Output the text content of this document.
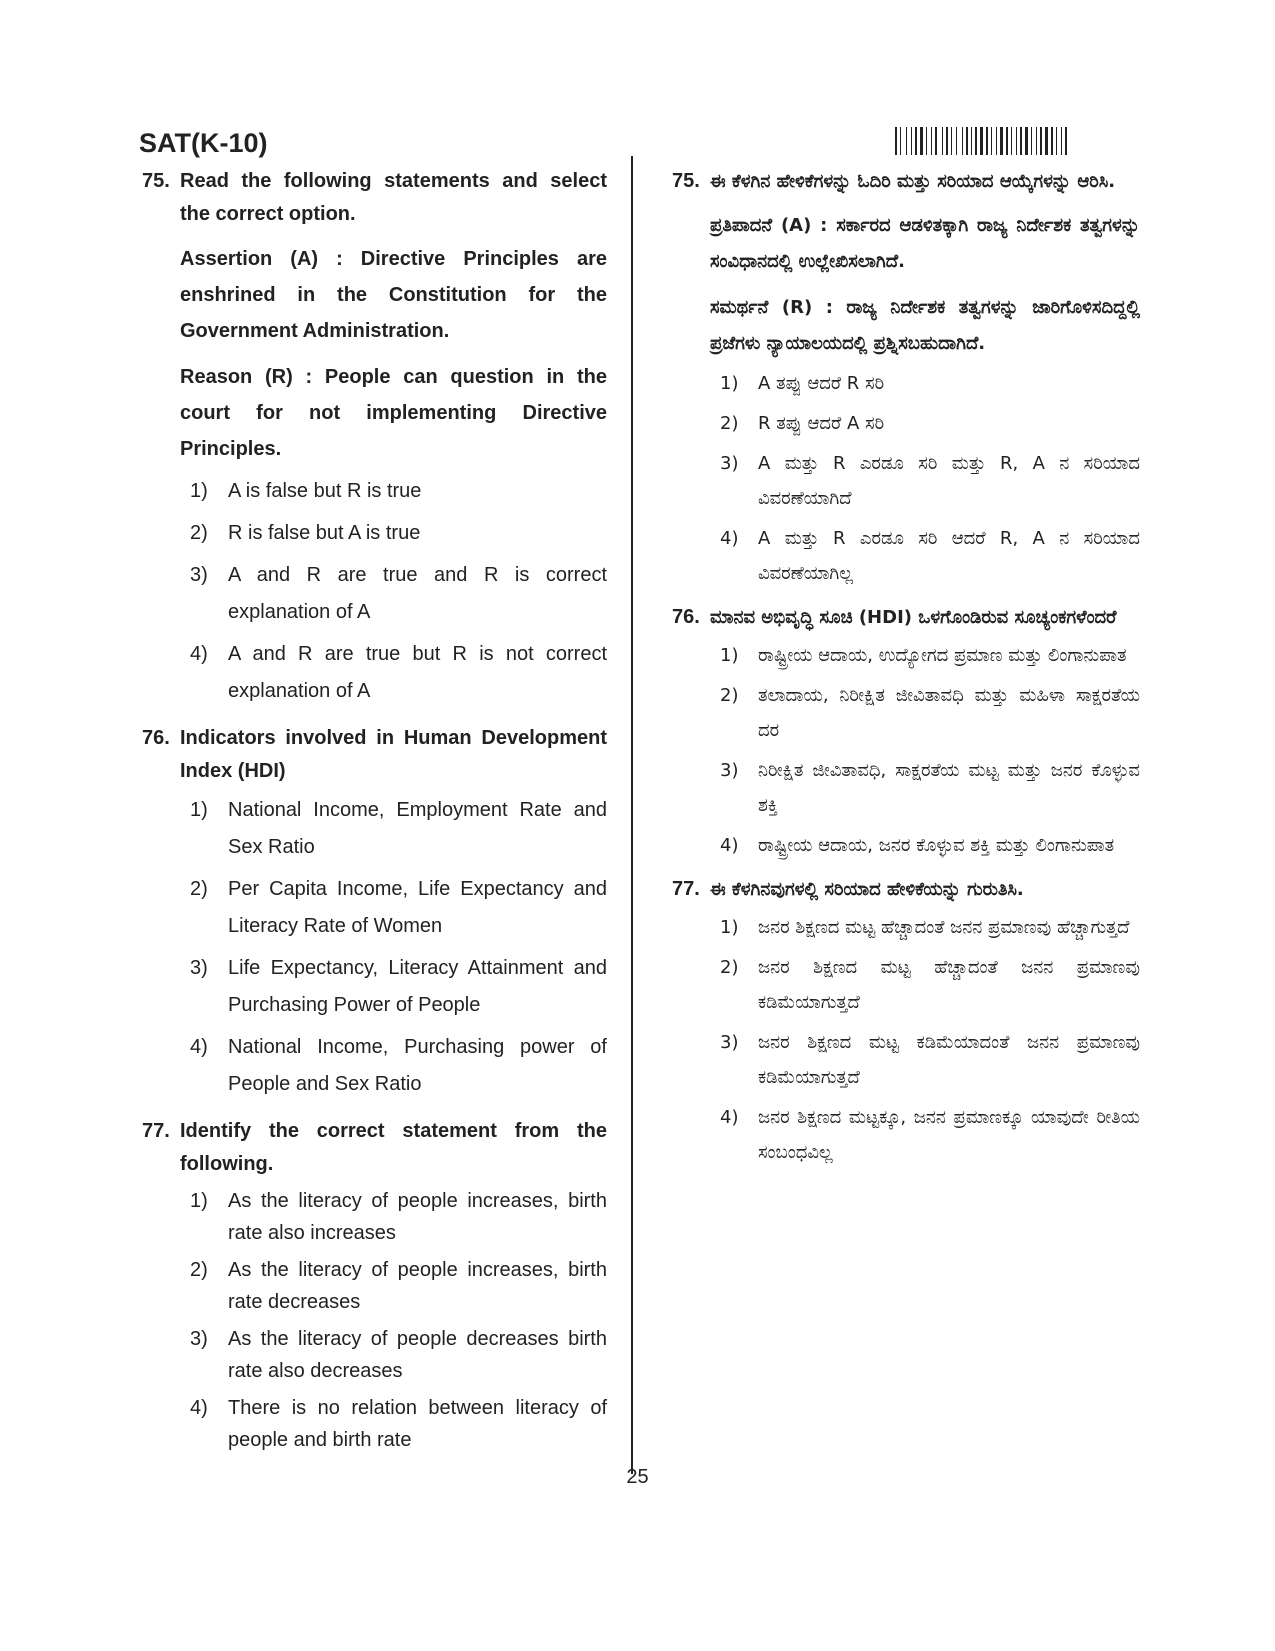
SAT(K-10)
75. Read the following statements and select the correct option.
Assertion (A) : Directive Principles are enshrined in the Constitution for the Government Administration.
Reason (R) : People can question in the court for not implementing Directive Principles.
1) A is false but R is true
2) R is false but A is true
3) A and R are true and R is correct explanation of A
4) A and R are true but R is not correct explanation of A
76. Indicators involved in Human Development Index (HDI)
1) National Income, Employment Rate and Sex Ratio
2) Per Capita Income, Life Expectancy and Literacy Rate of Women
3) Life Expectancy, Literacy Attainment and Purchasing Power of People
4) National Income, Purchasing power of People and Sex Ratio
77. Identify the correct statement from the following.
1) As the literacy of people increases, birth rate also increases
2) As the literacy of people increases, birth rate decreases
3) As the literacy of people decreases birth rate also decreases
4) There is no relation between literacy of people and birth rate
75. ಈ ಕೆಳಗಿನ ಹೇಳಿಕೆಗಳನ್ನು ಓದಿರಿ ಮತ್ತು ಸರಿಯಾದ ಆಯ್ಕೆಗಳನ್ನು ಆರಿಸಿ.
ಪ್ರತಿಪಾದನೆ (A) : ಸರ್ಕಾರದ ಆಡಳಿತಕ್ಕಾಗಿ ರಾಜ್ಯ ನಿರ್ದೇಶಕ ತತ್ವಗಳನ್ನು ಸಂವಿಧಾನದಲ್ಲಿ ಉಲ್ಲೇಖಿಸಲಾಗಿದೆ.
ಸಮರ್ಥನೆ (R) : ರಾಜ್ಯ ನಿರ್ದೇಶಕ ತತ್ವಗಳನ್ನು ಜಾರಿಗೊಳಿಸದಿದ್ದಲ್ಲಿ ಪ್ರಜೆಗಳು ನ್ಯಾಯಾಲಯದಲ್ಲಿ ಪ್ರಶ್ನಿಸಬಹುದಾಗಿದೆ.
1) A ತಪ್ಪು ಆದರೆ R ಸರಿ
2) R ತಪ್ಪು ಆದರೆ A ಸರಿ
3) A ಮತ್ತು R ಎರಡೂ ಸರಿ ಮತ್ತು R, A ನ ಸರಿಯಾದ ವಿವರಣೆಯಾಗಿದೆ
4) A ಮತ್ತು R ಎರಡೂ ಸರಿ ಆದರೆ R, A ನ ಸರಿಯಾದ ವಿವರಣೆಯಾಗಿಲ್ಲ
76. ಮಾನವ ಅಭಿವೃದ್ಧಿ ಸೂಚಿ (HDI) ಒಳಗೊಂಡಿರುವ ಸೂಚ್ಯಂಕಗಳೆಂದರೆ
1) ರಾಷ್ಟ್ರೀಯ ಆದಾಯ, ಉದ್ಯೋಗದ ಪ್ರಮಾಣ ಮತ್ತು ಲಿಂಗಾನುಪಾತ
2) ತಲಾದಾಯ, ನಿರೀಕ್ಷಿತ ಜೀವಿತಾವಧಿ ಮತ್ತು ಮಹಿಳಾ ಸಾಕ್ಷರತೆಯ ದರ
3) ನಿರೀಕ್ಷಿತ ಜೀವಿತಾವಧಿ, ಸಾಕ್ಷರತೆಯ ಮಟ್ಟ ಮತ್ತು ಜನರ ಕೊಳ್ಳುವ ಶಕ್ತಿ
4) ರಾಷ್ಟ್ರೀಯ ಆದಾಯ, ಜನರ ಕೊಳ್ಳುವ ಶಕ್ತಿ ಮತ್ತು ಲಿಂಗಾನುಪಾತ
77. ಈ ಕೆಳಗಿನವುಗಳಲ್ಲಿ ಸರಿಯಾದ ಹೇಳಿಕೆಯನ್ನು ಗುರುತಿಸಿ.
1) ಜನರ ಶಿಕ್ಷಣದ ಮಟ್ಟ ಹೆಚ್ಚಾದಂತೆ ಜನನ ಪ್ರಮಾಣವು ಹೆಚ್ಚಾಗುತ್ತದೆ
2) ಜನರ ಶಿಕ್ಷಣದ ಮಟ್ಟ ಹೆಚ್ಚಾದಂತೆ ಜನನ ಪ್ರಮಾಣವು ಕಡಿಮೆಯಾಗುತ್ತದೆ
3) ಜನರ ಶಿಕ್ಷಣದ ಮಟ್ಟ ಕಡಿಮೆಯಾದಂತೆ ಜನನ ಪ್ರಮಾಣವು ಕಡಿಮೆಯಾಗುತ್ತದೆ
4) ಜನರ ಶಿಕ್ಷಣದ ಮಟ್ಟಕ್ಕೂ, ಜನನ ಪ್ರಮಾಣಕ್ಕೂ ಯಾವುದೇ ರೀತಿಯ ಸಂಬಂಧವಿಲ್ಲ
25
